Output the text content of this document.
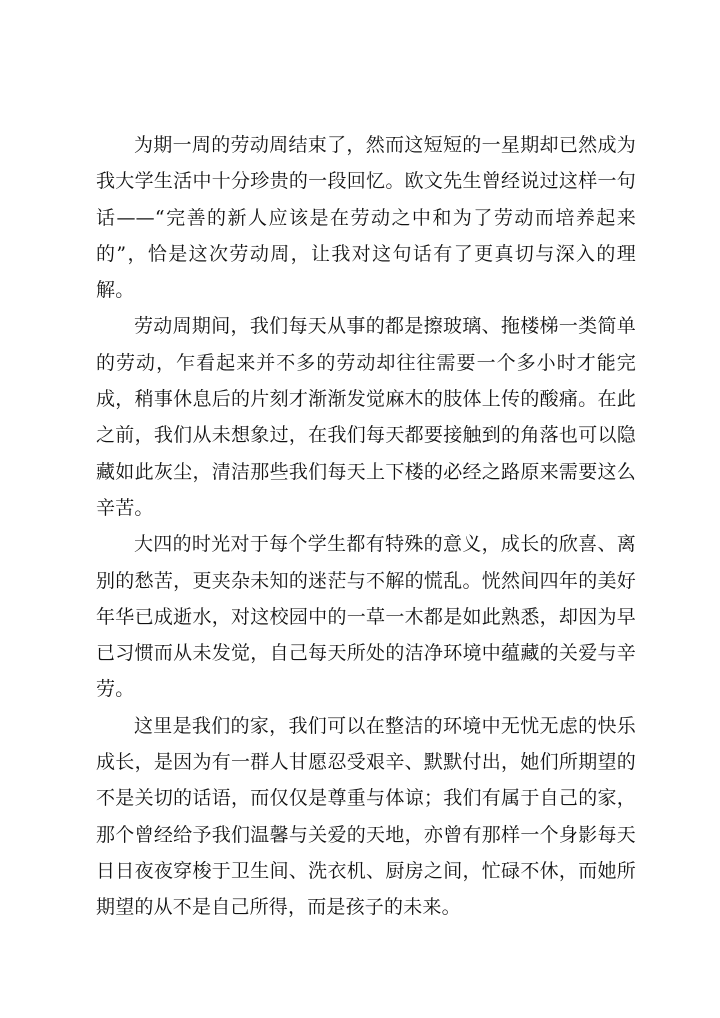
为期一周的劳动周结束了，然而这短短的一星期却已然成为我大学生活中十分珍贵的一段回忆。欧文先生曾经说过这样一句话——“完善的新人应该是在劳动之中和为了劳动而培养起来的”，恰是这次劳动周，让我对这句话有了更真切与深入的理解。

劳动周期间，我们每天从事的都是擦玻璃、拖楼梯一类简单的劳动，乍看起来并不多的劳动却往往需要一个多小时才能完成，稍事休息后的片刻才渐渐发觉麻木的肢体上传的酸痛。在此之前，我们从未想象过，在我们每天都要接触到的角落也可以隐藏如此灰尘，清洁那些我们每天上下楼的必经之路原来需要这么辛苦。

大四的时光对于每个学生都有特殊的意义，成长的欣喜、离别的愁苦，更夹杂未知的迷茫与不解的慌乱。恍然间四年的美好年华已成逝水，对这校园中的一草一木都是如此熟悉，却因为早已习惯而从未发觉，自己每天所处的洁净环境中蕴藏的关爱与辛劳。

这里是我们的家，我们可以在整洁的环境中无忧无虑的快乐成长，是因为有一群人甘愿忍受艰辛、默默付出，她们所期望的不是关切的话语，而仅仅是尊重与体谅；我们有属于自己的家，那个曾经给予我们温馨与关爱的天地，亦曾有那样一个身影每天日日夜夜穿梭于卫生间、洗衣机、厨房之间，忙碌不休，而她所期望的从不是自己所得，而是孩子的未来。
